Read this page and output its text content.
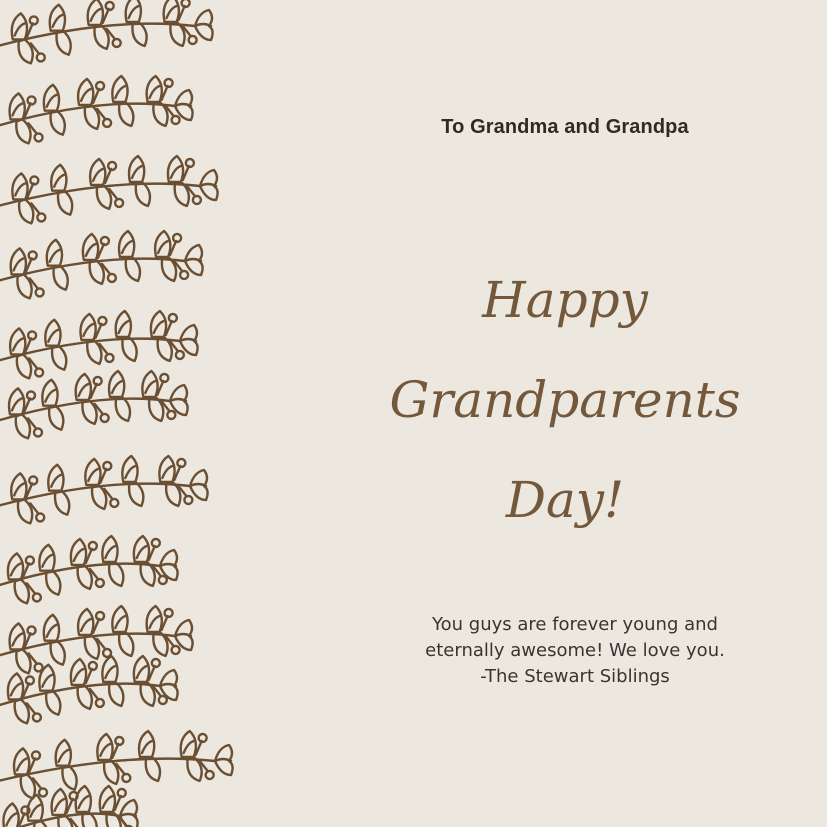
To Grandma and Grandpa
Happy
Grandparents
Day!
You guys are forever young and
eternally awesome! We love you.
-The Stewart Siblings
